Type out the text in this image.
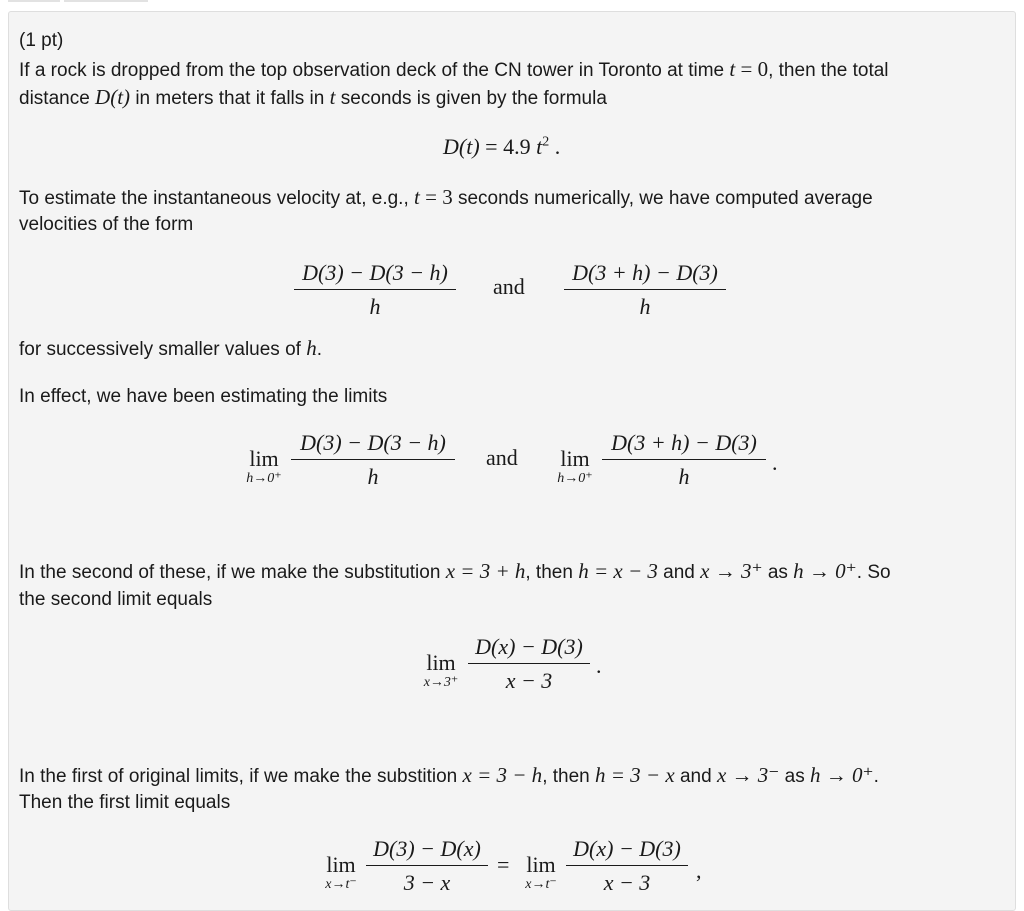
(1 pt)
If a rock is dropped from the top observation deck of the CN tower in Toronto at time t = 0, then the total
distance D(t) in meters that it falls in t seconds is given by the formula
D(t) = 4.9 $t^2$ .
To estimate the instantaneous velocity at, e.g., t = 3 seconds numerically, we have computed average
velocities of the form
D(3) − D(3 − h)
h
and
D(3 + h) − D(3)
h
for successively smaller values of h.
In effect, we have been estimating the limits
lim
h→0⁺
D(3) − D(3 − h)
h
and	lim
h→0⁺
D(3 + h) − D(3)
h
.
In the second of these, if we make the substitution x = 3 + h, then h = x − 3 and x → 3⁺ as h → 0⁺. So
the second limit equals
lim
x→3⁺
D(x) − D(3)
x − 3
.
In the first of original limits, if we make the substition x = 3 − h, then h = 3 − x and x → 3⁻ as h → 0⁺.
Then the first limit equals
lim
x→t⁻
D(3) − D(x)
3 − x
= lim
x→t⁻
D(x) − D(3)
x − 3	,
